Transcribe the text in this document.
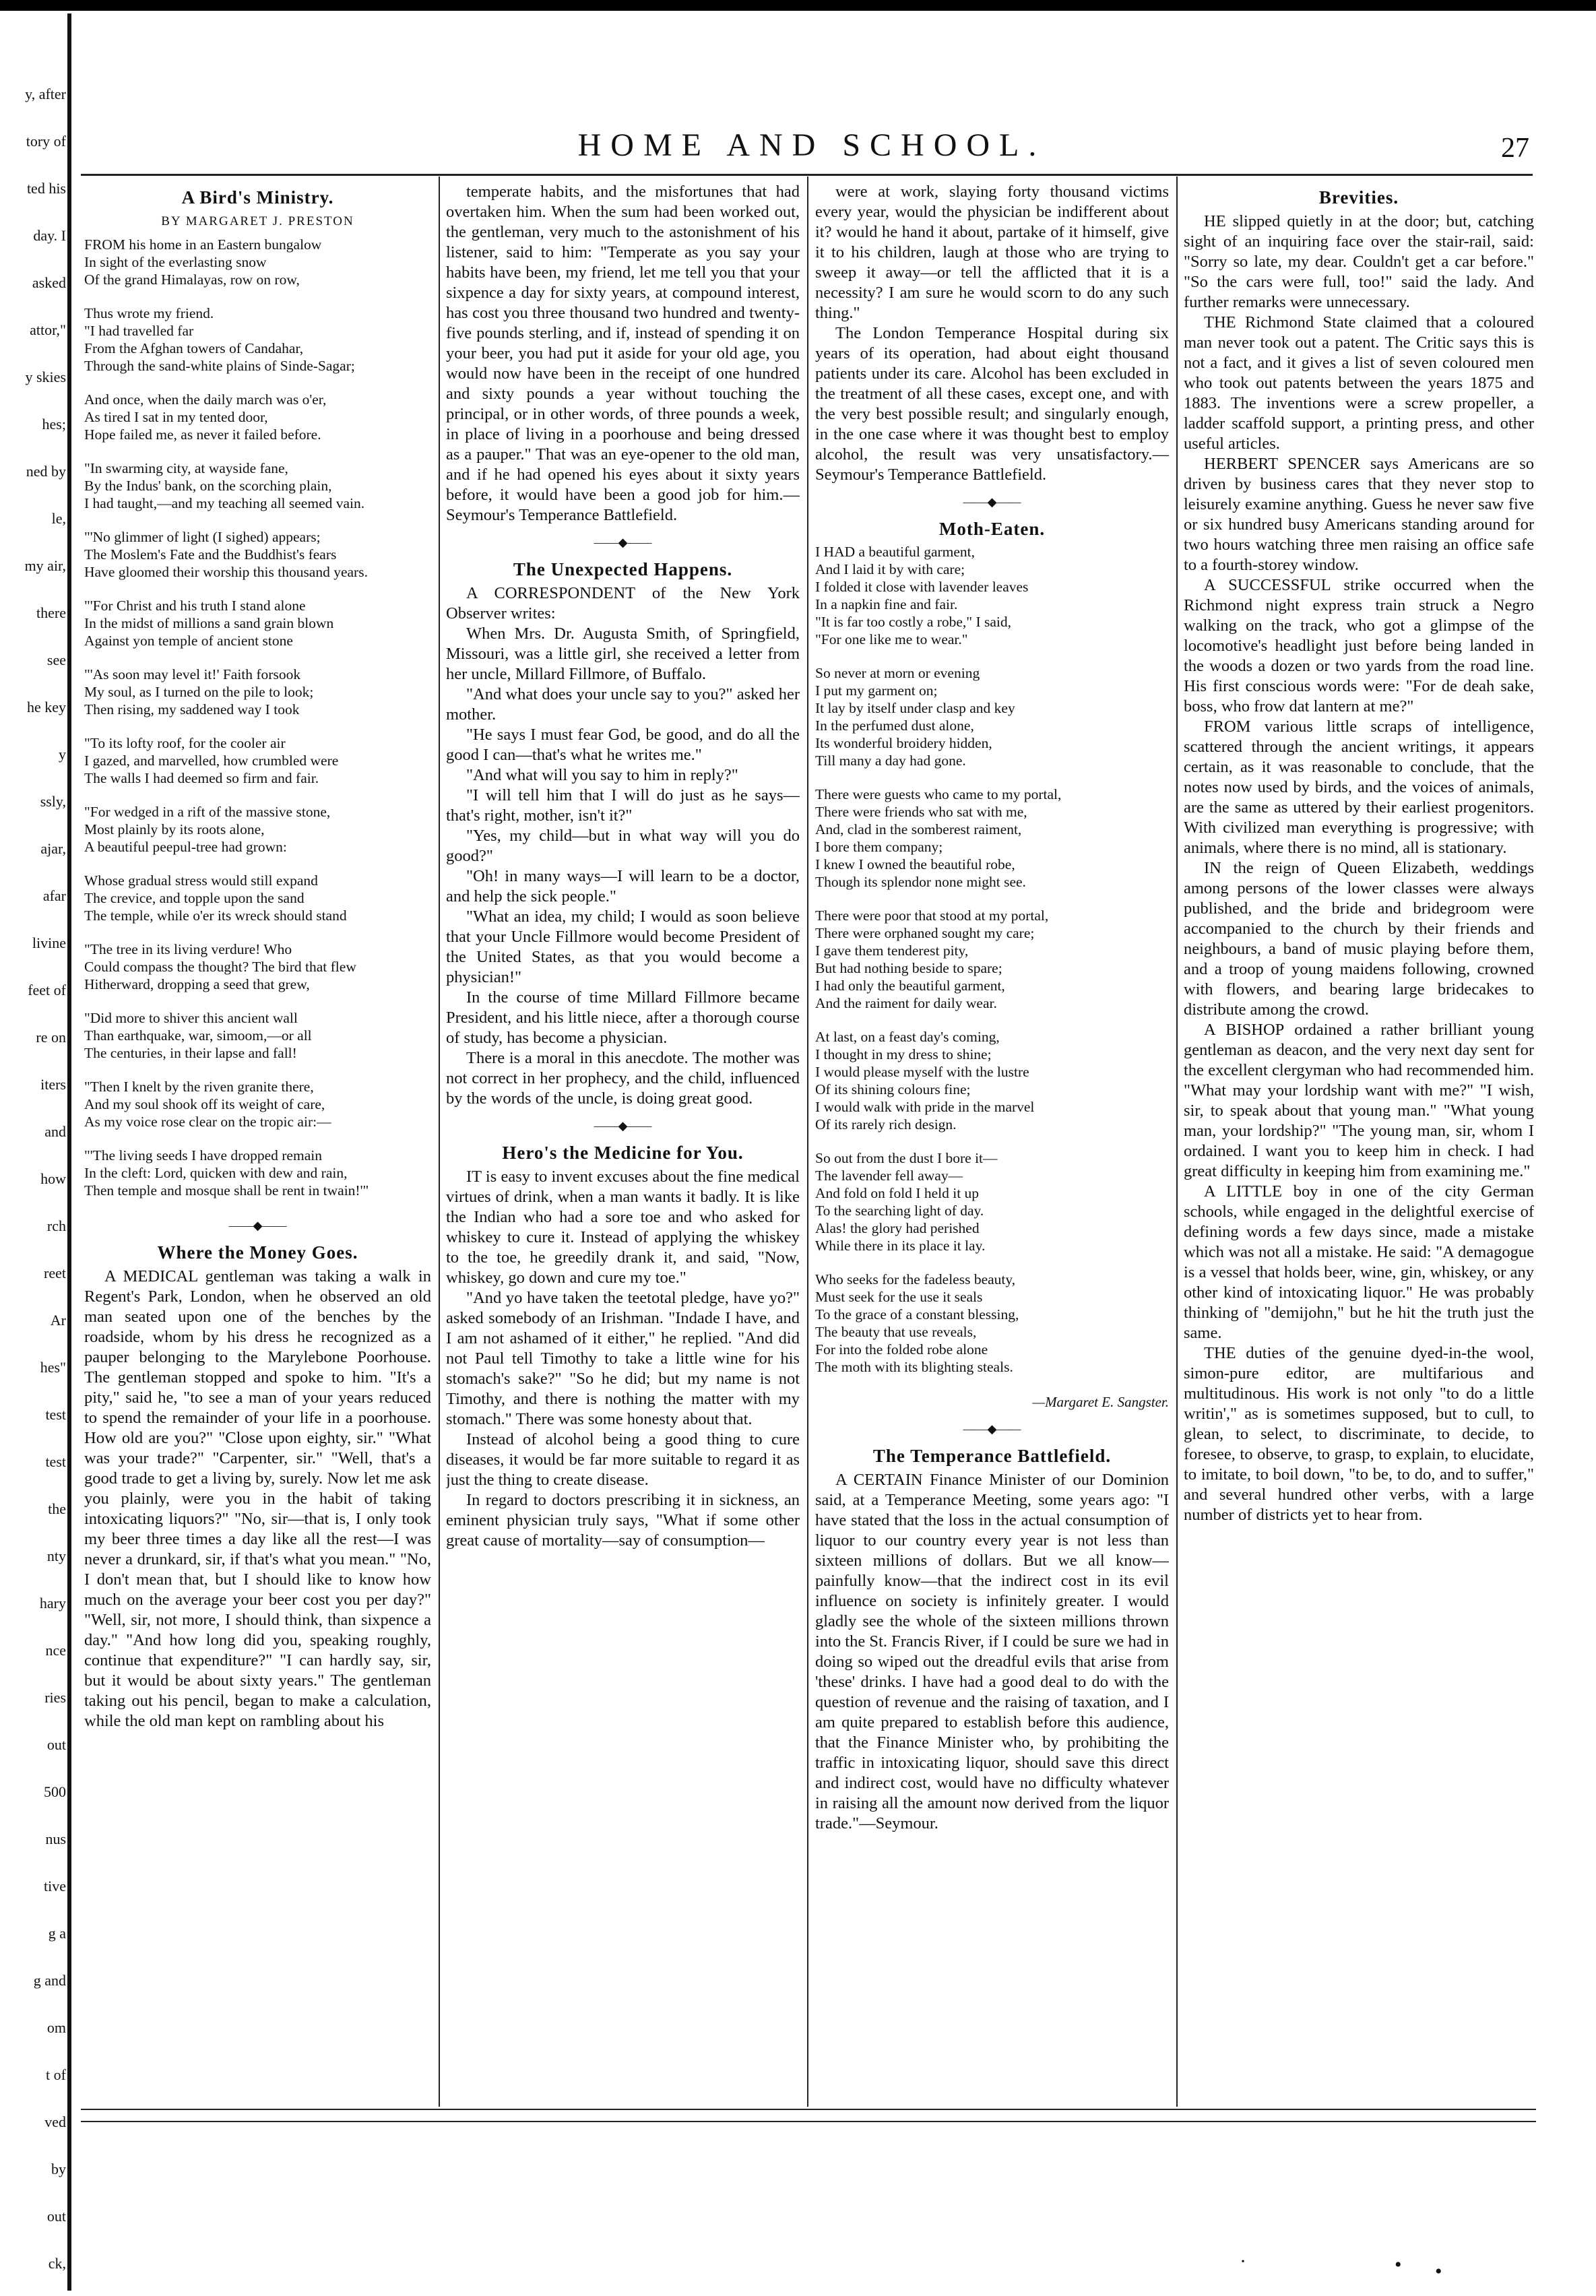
y, after
tory of
ted his
day. I
asked
attor,"
y skies
hes;
ned by
le,
my air,
there
see
he key
y
ssly,
ajar,
afar
livine
feet of
re on
iters
and
how
rch
reet
Ar
hes"
test
test
the
nty
hary
nce
ries
out
500
nus
tive
g a
g and
om
t of
ved
by
out
ck,
HOME AND SCHOOL.	27
A Bird's Ministry.
BY MARGARET J. PRESTON

FROM his home in an Eastern bungalow

In sight of the everlasting snow

Of the grand Himalayas, row on row,

Thus wrote my friend.

"I had travelled far

From the Afghan towers of Candahar,

Through the sand-white plains of Sinde-Sagar;

And once, when the daily march was o'er,

As tired I sat in my tented door,

Hope failed me, as never it failed before.

"In swarming city, at wayside fane,

By the Indus' bank, on the scorching plain,

I had taught,—and my teaching all seemed vain.

"'No glimmer of light (I sighed) appears;

The Moslem's Fate and the Buddhist's fears

Have gloomed their worship this thousand years.

"'For Christ and his truth I stand alone

In the midst of millions a sand grain blown

Against yon temple of ancient stone

"'As soon may level it!' Faith forsook

My soul, as I turned on the pile to look;

Then rising, my saddened way I took

"To its lofty roof, for the cooler air

I gazed, and marvelled, how crumbled were

The walls I had deemed so firm and fair.

"For wedged in a rift of the massive stone,

Most plainly by its roots alone,

A beautiful peepul-tree had grown:

Whose gradual stress would still expand

The crevice, and topple upon the sand

The temple, while o'er its wreck should stand

"The tree in its living verdure! Who

Could compass the thought? The bird that flew

Hitherward, dropping a seed that grew,

"Did more to shiver this ancient wall

Than earthquake, war, simoom,—or all

The centuries, in their lapse and fall!

"Then I knelt by the riven granite there,

And my soul shook off its weight of care,

As my voice rose clear on the tropic air:—

"'The living seeds I have dropped remain

In the cleft: Lord, quicken with dew and rain,

Then temple and mosque shall be rent in twain!'"

——◆——
Where the Money Goes.

A MEDICAL gentleman was taking a walk in Regent's Park, London, when he observed an old man seated upon one of the benches by the roadside, whom by his dress he recognized as a pauper belonging to the Marylebone Poorhouse. The gentleman stopped and spoke to him. "It's a pity," said he, "to see a man of your years reduced to spend the remainder of your life in a poorhouse. How old are you?" "Close upon eighty, sir." "What was your trade?" "Carpenter, sir." "Well, that's a good trade to get a living by, surely. Now let me ask you plainly, were you in the habit of taking intoxicating liquors?" "No, sir—that is, I only took my beer three times a day like all the rest—I was never a drunkard, sir, if that's what you mean." "No, I don't mean that, but I should like to know how much on the average your beer cost you per day?" "Well, sir, not more, I should think, than sixpence a day." "And how long did you, speaking roughly, continue that expenditure?" "I can hardly say, sir, but it would be about sixty years." The gentleman taking out his pencil, began to make a calculation, while the old man kept on rambling about his

temperate habits, and the misfortunes that had overtaken him. When the sum had been worked out, the gentleman, very much to the astonishment of his listener, said to him: "Temperate as you say your habits have been, my friend, let me tell you that your sixpence a day for sixty years, at compound interest, has cost you three thousand two hundred and twenty-five pounds sterling, and if, instead of spending it on your beer, you had put it aside for your old age, you would now have been in the receipt of one hundred and sixty pounds a year without touching the principal, or in other words, of three pounds a week, in place of living in a poorhouse and being dressed as a pauper." That was an eye-opener to the old man, and if he had opened his eyes about it sixty years before, it would have been a good job for him.—Seymour's Temperance Battlefield.

——◆——
The Unexpected Happens.

A CORRESPONDENT of the New York Observer writes:

When Mrs. Dr. Augusta Smith, of Springfield, Missouri, was a little girl, she received a letter from her uncle, Millard Fillmore, of Buffalo.

"And what does your uncle say to you?" asked her mother.

"He says I must fear God, be good, and do all the good I can—that's what he writes me."

"And what will you say to him in reply?"

"I will tell him that I will do just as he says—that's right, mother, isn't it?"

"Yes, my child—but in what way will you do good?"

"Oh! in many ways—I will learn to be a doctor, and help the sick people."

"What an idea, my child; I would as soon believe that your Uncle Fillmore would become President of the United States, as that you would become a physician!"

In the course of time Millard Fillmore became President, and his little niece, after a thorough course of study, has become a physician.

There is a moral in this anecdote. The mother was not correct in her prophecy, and the child, influenced by the words of the uncle, is doing great good.

——◆——
Hero's the Medicine for You.

IT is easy to invent excuses about the fine medical virtues of drink, when a man wants it badly. It is like the Indian who had a sore toe and who asked for whiskey to cure it. Instead of applying the whiskey to the toe, he greedily drank it, and said, "Now, whiskey, go down and cure my toe."

"And yo have taken the teetotal pledge, have yo?" asked somebody of an Irishman. "Indade I have, and I am not ashamed of it either," he replied. "And did not Paul tell Timothy to take a little wine for his stomach's sake?" "So he did; but my name is not Timothy, and there is nothing the matter with my stomach." There was some honesty about that.

Instead of alcohol being a good thing to cure diseases, it would be far more suitable to regard it as just the thing to create disease.

In regard to doctors prescribing it in sickness, an eminent physician truly says, "What if some other great cause of mortality—say of consumption—

were at work, slaying forty thousand victims every year, would the physician be indifferent about it? would he hand it about, partake of it himself, give it to his children, laugh at those who are trying to sweep it away—or tell the afflicted that it is a necessity? I am sure he would scorn to do any such thing."

The London Temperance Hospital during six years of its operation, had about eight thousand patients under its care. Alcohol has been excluded in the treatment of all these cases, except one, and with the very best possible result; and singularly enough, in the one case where it was thought best to employ alcohol, the result was very unsatisfactory.—Seymour's Temperance Battlefield.

——◆——
Moth-Eaten.

I HAD a beautiful garment,

And I laid it by with care;

I folded it close with lavender leaves

In a napkin fine and fair.

"It is far too costly a robe," I said,

"For one like me to wear."

So never at morn or evening

I put my garment on;

It lay by itself under clasp and key

In the perfumed dust alone,

Its wonderful broidery hidden,

Till many a day had gone.

There were guests who came to my portal,

There were friends who sat with me,

And, clad in the somberest raiment,

I bore them company;

I knew I owned the beautiful robe,

Though its splendor none might see.

There were poor that stood at my portal,

There were orphaned sought my care;

I gave them tenderest pity,

But had nothing beside to spare;

I had only the beautiful garment,

And the raiment for daily wear.

At last, on a feast day's coming,

I thought in my dress to shine;

I would please myself with the lustre

Of its shining colours fine;

I would walk with pride in the marvel

Of its rarely rich design.

So out from the dust I bore it—

The lavender fell away—

And fold on fold I held it up

To the searching light of day.

Alas! the glory had perished

While there in its place it lay.

Who seeks for the fadeless beauty,

Must seek for the use it seals

To the grace of a constant blessing,

The beauty that use reveals,

For into the folded robe alone

The moth with its blighting steals.

—Margaret E. Sangster.
——◆——
The Temperance Battlefield.

A CERTAIN Finance Minister of our Dominion said, at a Temperance Meeting, some years ago: "I have stated that the loss in the actual consumption of liquor to our country every year is not less than sixteen millions of dollars. But we all know—painfully know—that the indirect cost in its evil influence on society is infinitely greater. I would gladly see the whole of the sixteen millions thrown into the St. Francis River, if I could be sure we had in doing so wiped out the dreadful evils that arise from 'these' drinks. I have had a good deal to do with the question of revenue and the raising of taxation, and I am quite prepared to establish before this audience, that the Finance Minister who, by prohibiting the traffic in intoxicating liquor, should save this direct and indirect cost, would have no difficulty whatever in raising all the amount now derived from the liquor trade."—Seymour.

Brevities.

HE slipped quietly in at the door; but, catching sight of an inquiring face over the stair-rail, said: "Sorry so late, my dear. Couldn't get a car before." "So the cars were full, too!" said the lady. And further remarks were unnecessary.

THE Richmond State claimed that a coloured man never took out a patent. The Critic says this is not a fact, and it gives a list of seven coloured men who took out patents between the years 1875 and 1883. The inventions were a screw propeller, a ladder scaffold support, a printing press, and other useful articles.

HERBERT SPENCER says Americans are so driven by business cares that they never stop to leisurely examine anything. Guess he never saw five or six hundred busy Americans standing around for two hours watching three men raising an office safe to a fourth-storey window.

A SUCCESSFUL strike occurred when the Richmond night express train struck a Negro walking on the track, who got a glimpse of the locomotive's headlight just before being landed in the woods a dozen or two yards from the road line. His first conscious words were: "For de deah sake, boss, who frow dat lantern at me?"

FROM various little scraps of intelligence, scattered through the ancient writings, it appears certain, as it was reasonable to conclude, that the notes now used by birds, and the voices of animals, are the same as uttered by their earliest progenitors. With civilized man everything is progressive; with animals, where there is no mind, all is stationary.

IN the reign of Queen Elizabeth, weddings among persons of the lower classes were always published, and the bride and bridegroom were accompanied to the church by their friends and neighbours, a band of music playing before them, and a troop of young maidens following, crowned with flowers, and bearing large bridecakes to distribute among the crowd.

A BISHOP ordained a rather brilliant young gentleman as deacon, and the very next day sent for the excellent clergyman who had recommended him. "What may your lordship want with me?" "I wish, sir, to speak about that young man." "What young man, your lordship?" "The young man, sir, whom I ordained. I want you to keep him in check. I had great difficulty in keeping him from examining me."

A LITTLE boy in one of the city German schools, while engaged in the delightful exercise of defining words a few days since, made a mistake which was not all a mistake. He said: "A demagogue is a vessel that holds beer, wine, gin, whiskey, or any other kind of intoxicating liquor." He was probably thinking of "demijohn," but he hit the truth just the same.

THE duties of the genuine dyed-in-the wool, simon-pure editor, are multifarious and multitudinous. His work is not only "to do a little writin'," as is sometimes supposed, but to cull, to glean, to select, to discriminate, to decide, to foresee, to observe, to grasp, to explain, to elucidate, to imitate, to boil down, "to be, to do, and to suffer," and several hundred other verbs, with a large number of districts yet to hear from.

·	• •
